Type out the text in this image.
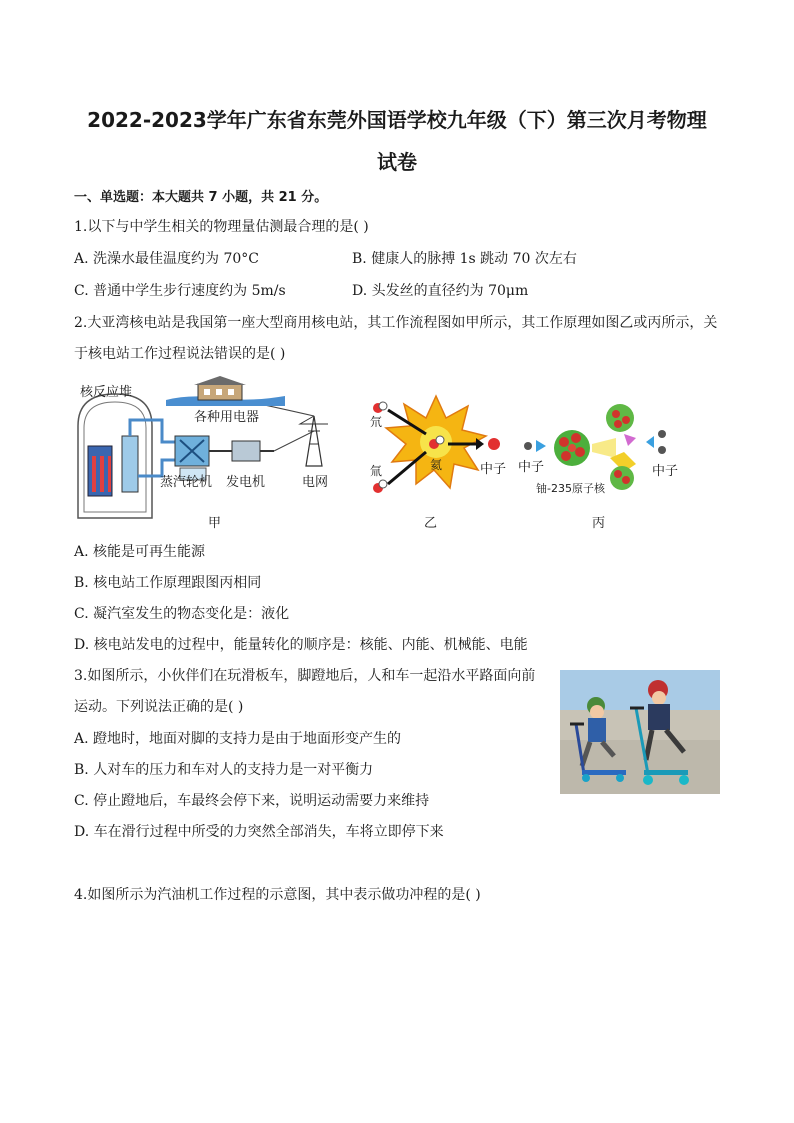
2022-2023学年广东省东莞外国语学校九年级（下）第三次月考物理
试卷
一、单选题：本大题共 7 小题，共 21 分。
1.以下与中学生相关的物理量估测最合理的是( )
A. 洗澡水最佳温度约为 70°C	B. 健康人的脉搏 1s 跳动 70 次左右
C. 普通中学生步行速度约为 5m/s	D. 头发丝的直径约为 70μm
2.大亚湾核电站是我国第一座大型商用核电站，其工作流程图如甲所示，其工作原理如图乙或丙所示，关
于核电站工作过程说法错误的是( )
核反应堆
各种用电器
蒸汽轮机 发电机	电网
甲
氘
氚	氦	中子
乙
中子
铀-235原子核
中子
丙
A. 核能是可再生能源
B. 核电站工作原理跟图丙相同
C. 凝汽室发生的物态变化是：液化
D. 核电站发电的过程中，能量转化的顺序是：核能、内能、机械能、电能
3.如图所示，小伙伴们在玩滑板车，脚蹬地后，人和车一起沿水平路面向前
运动。下列说法正确的是( )
A. 蹬地时，地面对脚的支持力是由于地面形变产生的
B. 人对车的压力和车对人的支持力是一对平衡力
C. 停止蹬地后，车最终会停下来，说明运动需要力来维持
D. 车在滑行过程中所受的力突然全部消失，车将立即停下来
4.如图所示为汽油机工作过程的示意图，其中表示做功冲程的是( )
